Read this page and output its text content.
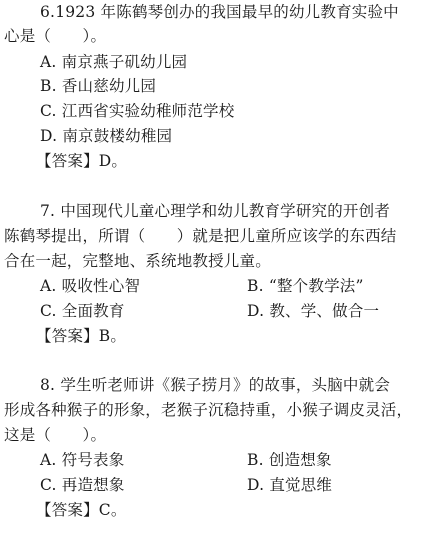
6.1923 年陈鹤琴创办的我国最早的幼儿教育实验中
心是（　　）。
A. 南京燕子矶幼儿园
B. 香山慈幼儿园
C. 江西省实验幼稚师范学校
D. 南京鼓楼幼稚园
【答案】D。
7. 中国现代儿童心理学和幼儿教育学研究的开创者
陈鹤琴提出，所谓（　　）就是把儿童所应该学的东西结
合在一起，完整地、系统地教授儿童。
A. 吸收性心智	B. “整个教学法”
C. 全面教育	D. 教、学、做合一
【答案】B。
8. 学生听老师讲《猴子捞月》的故事，头脑中就会
形成各种猴子的形象，老猴子沉稳持重，小猴子调皮灵活，
这是（　　）。
A. 符号表象	B. 创造想象
C. 再造想象	D. 直觉思维
【答案】C。
